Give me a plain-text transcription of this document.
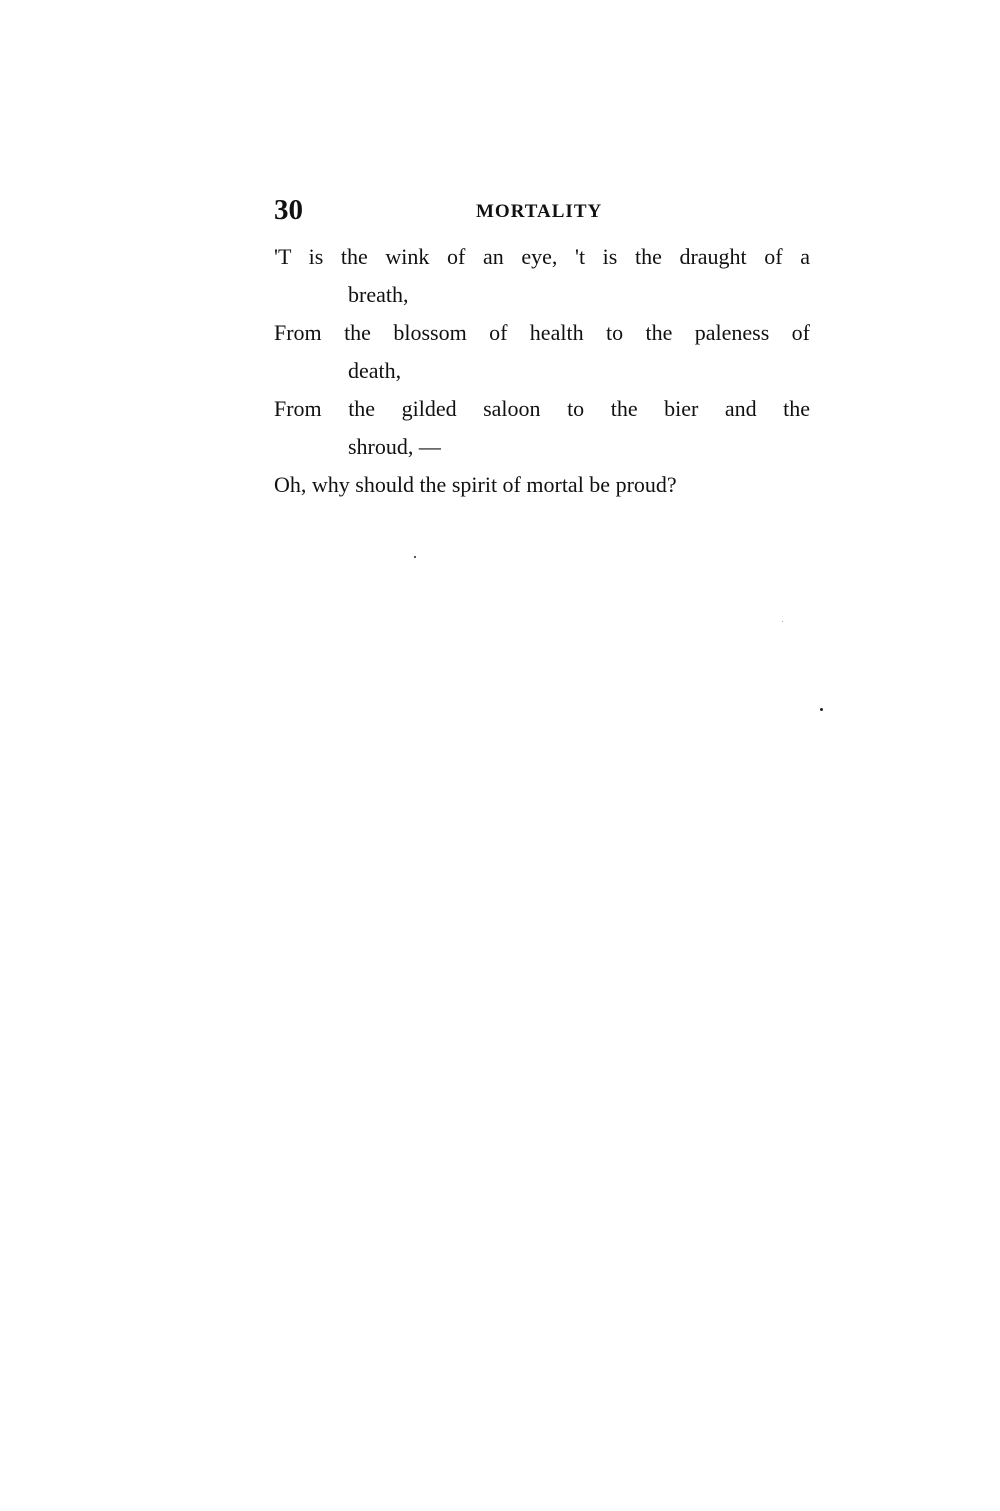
30	MORTALITY
'T is the wink of an eye, 't is the draught of a
breath,
From the blossom of health to the paleness of
death,
From the gilded saloon to the bier and the
shroud, —
Oh, why should the spirit of mortal be proud?
